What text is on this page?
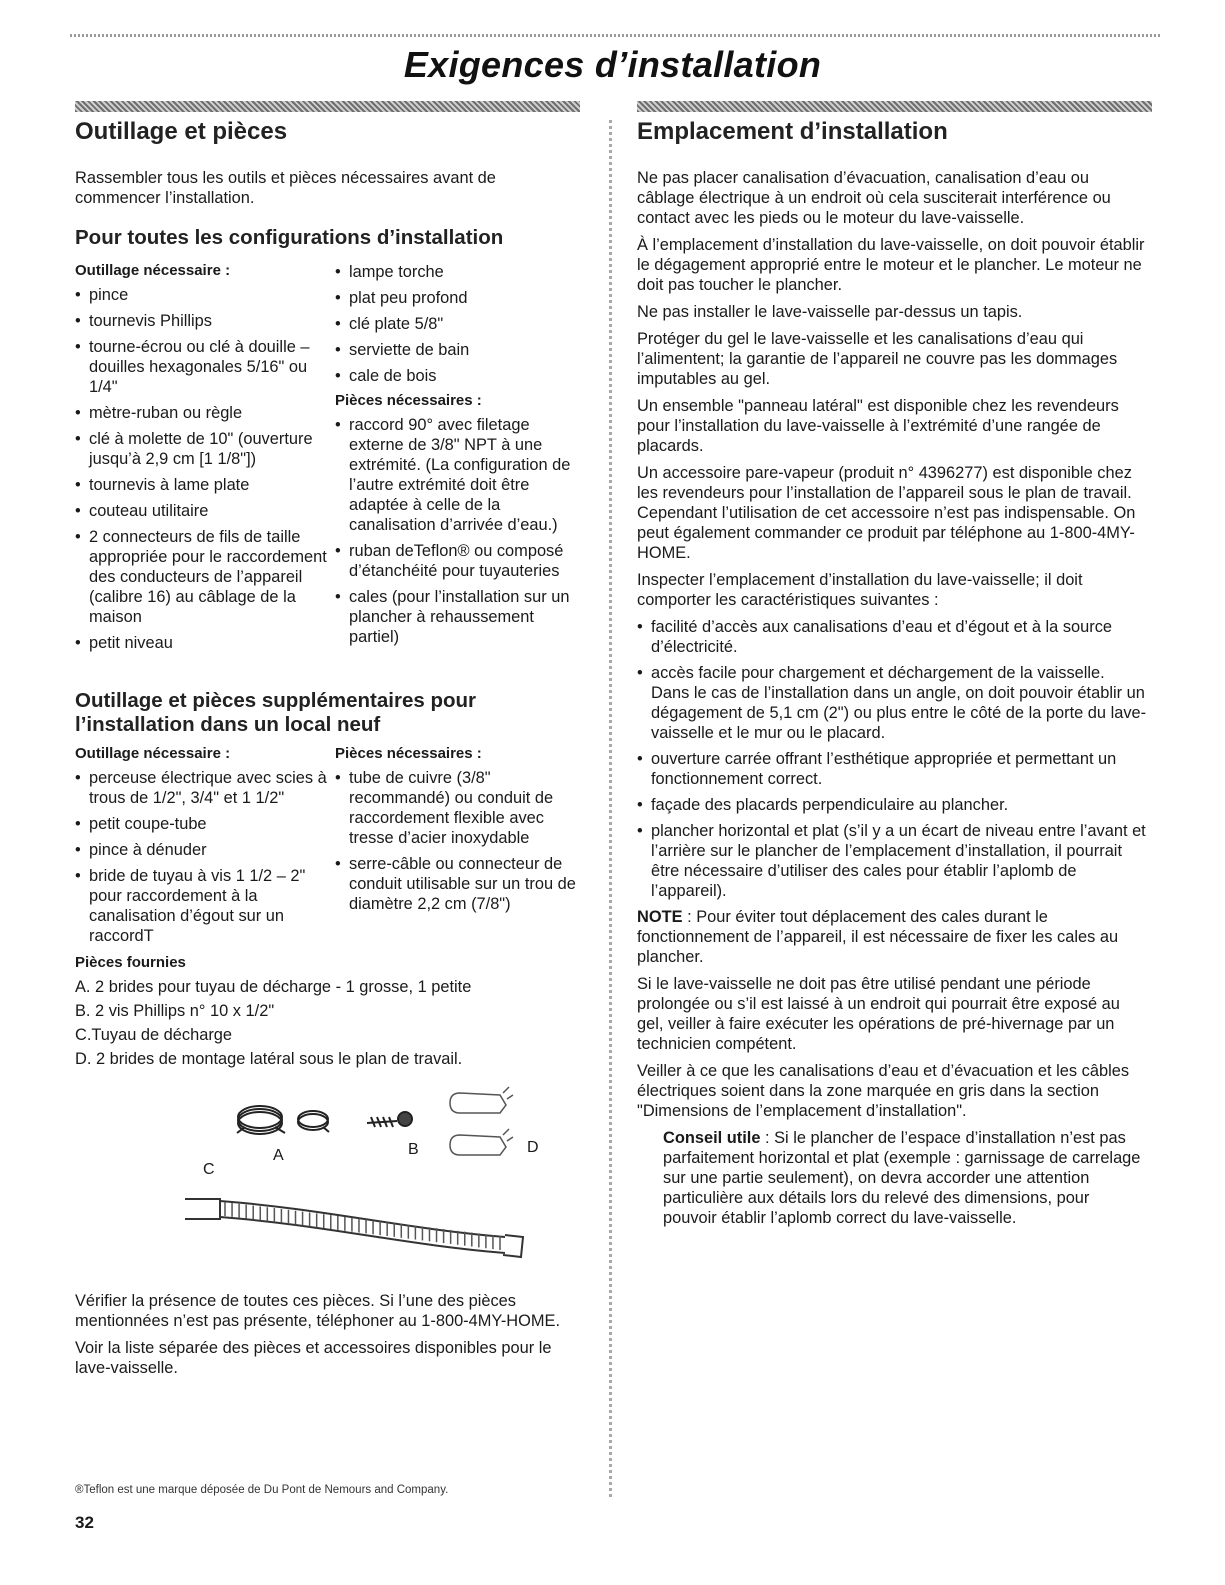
Exigences d’installation
Outillage et pièces

Rassembler tous les outils et pièces nécessaires avant de commencer l’installation.

Pour toutes les configurations d’installation
Outillage nécessaire :
• pince
• tournevis Phillips
• tourne-écrou ou clé à douille – douilles hexagonales 5/16" ou 1/4"
• mètre-ruban ou règle
• clé à molette de 10" (ouverture jusqu’à 2,9 cm [1 1/8"])
• tournevis à lame plate
• couteau utilitaire
• 2 connecteurs de fils de taille appropriée pour le raccordement des conducteurs de l’appareil (calibre 16) au câblage de la maison
• petit niveau
• lampe torche
• plat peu profond
• clé plate 5/8"
• serviette de bain
• cale de bois
Pièces nécessaires :
• raccord 90° avec filetage externe de 3/8" NPT à une extrémité. (La configuration de l’autre extrémité doit être adaptée à celle de la canalisation d’arrivée d’eau.)
• ruban deTeflon® ou composé d’étanchéité pour tuyauteries
• cales (pour l’installation sur un plancher à rehaussement partiel)
Outillage et pièces supplémentaires pour l’installation dans un local neuf
Outillage nécessaire :
• perceuse électrique avec scies à trous de 1/2", 3/4" et 1 1/2"
• petit coupe-tube
• pince à dénuder
• bride de tuyau à vis 1 1/2 – 2" pour raccordement à la canalisation d’égout sur un raccordT
Pièces nécessaires :
• tube de cuivre (3/8" recommandé) ou conduit de raccordement flexible avec tresse d’acier inoxydable
• serre-câble ou connecteur de conduit utilisable sur un trou de diamètre 2,2 cm (7/8")
Pièces fournies

A. 2 brides pour tuyau de décharge - 1 grosse, 1 petite

B. 2 vis Phillips n° 10 x 1/2"

C.Tuyau de décharge

D. 2 brides de montage latéral sous le plan de travail.

A	B
C
D

Vérifier la présence de toutes ces pièces. Si l’une des pièces mentionnées n’est pas présente, téléphoner au 1-800-4MY-HOME.

Voir la liste séparée des pièces et accessoires disponibles pour le lave-vaisselle.

Emplacement d’installation

Ne pas placer canalisation d’évacuation, canalisation d’eau ou câblage électrique à un endroit où cela susciterait interférence ou contact avec les pieds ou le moteur du lave-vaisselle.

À l’emplacement d’installation du lave-vaisselle, on doit pouvoir établir le dégagement approprié entre le moteur et le plancher. Le moteur ne doit pas toucher le plancher.

Ne pas installer le lave-vaisselle par-dessus un tapis.

Protéger du gel le lave-vaisselle et les canalisations d’eau qui l’alimentent; la garantie de l’appareil ne couvre pas les dommages imputables au gel.

Un ensemble "panneau latéral" est disponible chez les revendeurs pour l’installation du lave-vaisselle à l’extrémité d’une rangée de placards.

Un accessoire pare-vapeur (produit n° 4396277) est disponible chez les revendeurs pour l’installation de l’appareil sous le plan de travail. Cependant l’utilisation de cet accessoire n’est pas indispensable. On peut également commander ce produit par téléphone au 1-800-4MY-HOME.

Inspecter l’emplacement d’installation du lave-vaisselle; il doit comporter les caractéristiques suivantes :

• facilité d’accès aux canalisations d’eau et d’égout et à la source d’électricité.
• accès facile pour chargement et déchargement de la vaisselle. Dans le cas de l’installation dans un angle, on doit pouvoir établir un dégagement de 5,1 cm (2") ou plus entre le côté de la porte du lave-vaisselle et le mur ou le placard.
• ouverture carrée offrant l’esthétique appropriée et permettant un fonctionnement correct.
• façade des placards perpendiculaire au plancher.
• plancher horizontal et plat (s’il y a un écart de niveau entre l’avant et l’arrière sur le plancher de l’emplacement d’installation, il pourrait être nécessaire d’utiliser des cales pour établir l’aplomb de l’appareil).

NOTE : Pour éviter tout déplacement des cales durant le fonctionnement de l’appareil, il est nécessaire de fixer les cales au plancher.

Si le lave-vaisselle ne doit pas être utilisé pendant une période prolongée ou s’il est laissé à un endroit qui pourrait être exposé au gel, veiller à faire exécuter les opérations de pré-hivernage par un technicien compétent.

Veiller à ce que les canalisations d’eau et d’évacuation et les câbles électriques soient dans la zone marquée en gris dans la section "Dimensions de l’emplacement d’installation".

Conseil utile : Si le plancher de l’espace d’installation n’est pas parfaitement horizontal et plat (exemple : garnissage de carrelage sur une partie seulement), on devra accorder une attention particulière aux détails lors du relevé des dimensions, pour pouvoir établir l’aplomb correct du lave-vaisselle.

®Teflon est une marque déposée de Du Pont de Nemours and Company.
32
